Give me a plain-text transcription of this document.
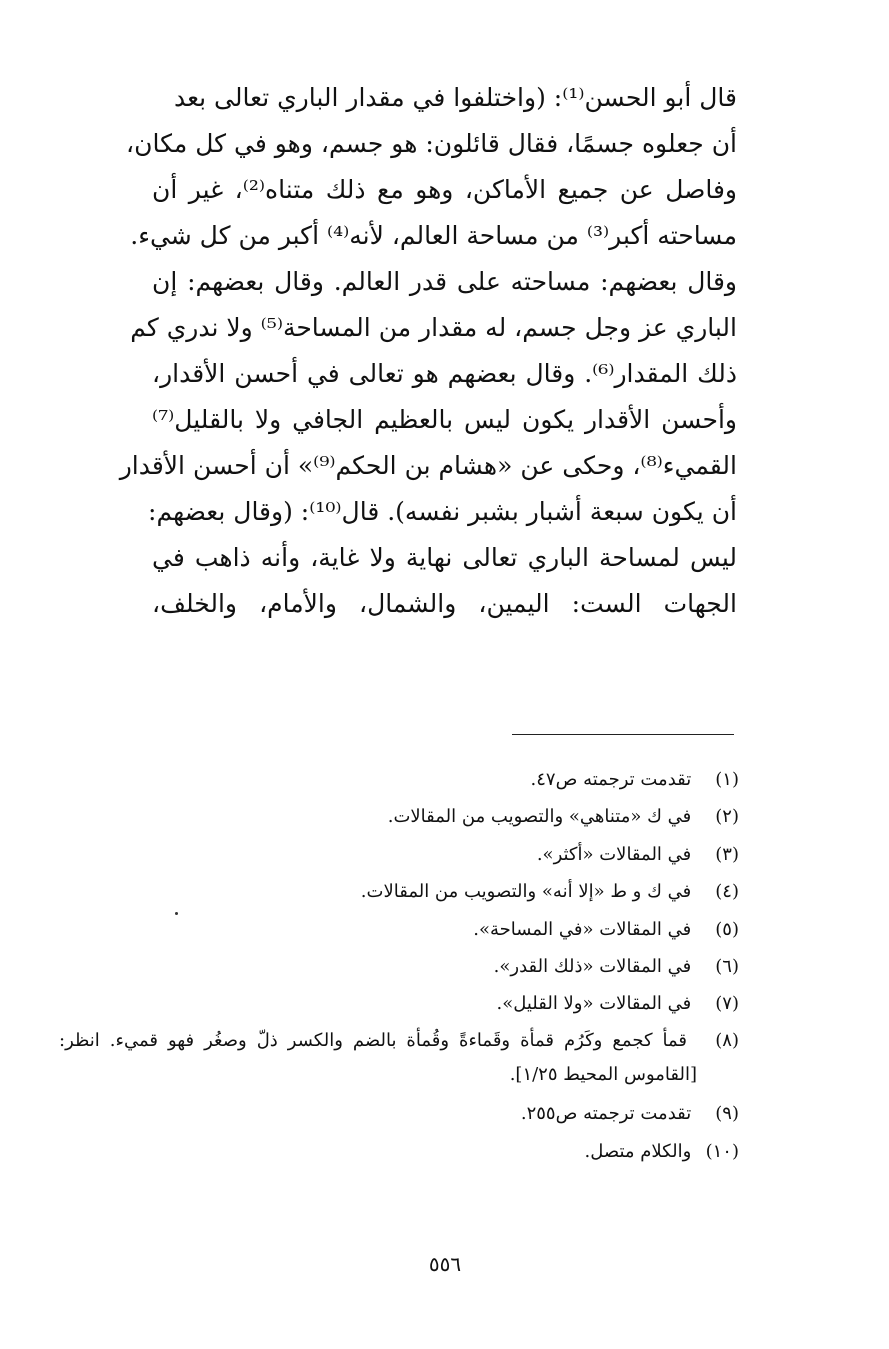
قال أبو الحسن⁽¹⁾: (واختلفوا في مقدار الباري تعالى بعد
أن جعلوه جسمًا، فقال قائلون: هو جسم، وهو في كل مكان،
وفاصل عن جميع الأماكن، وهو مع ذلك متناه⁽²⁾، غير أن
مساحته أكبر⁽³⁾ من مساحة العالم، لأنه⁽⁴⁾ أكبر من كل شيء.
وقال بعضهم: مساحته على قدر العالم. وقال بعضهم: إن
الباري عز وجل جسم، له مقدار من المساحة⁽⁵⁾ ولا ندري كم
ذلك المقدار⁽⁶⁾. وقال بعضهم هو تعالى في أحسن الأقدار،
وأحسن الأقدار يكون ليس بالعظيم الجافي ولا بالقليل⁽⁷⁾
القميء⁽⁸⁾، وحكى عن «هشام بن الحكم⁽⁹⁾» أن أحسن الأقدار
أن يكون سبعة أشبار بشبر نفسه). قال⁽¹⁰⁾: (وقال بعضهم:
ليس لمساحة الباري تعالى نهاية ولا غاية، وأنه ذاهب في
الجهات الست: اليمين، والشمال، والأمام، والخلف،
(١) تقدمت ترجمته ص٤٧.
(٢) في ك «متناهي» والتصويب من المقالات.
(٣) في المقالات «أكثر».
(٤) في ك و ط «إلا أنه» والتصويب من المقالات.
(٥) في المقالات «في المساحة».
(٦) في المقالات «ذلك القدر».
(٧) في المقالات «ولا القليل».
(٨) قمأ كجمع وكَرُم قمأة وقَماءةً وقُمأة بالضم والكسر ذلّ وصغُر فهو قميء. انظر:
[القاموس المحيط ١/٢٥].
(٩) تقدمت ترجمته ص٢٥٥.
(١٠) والكلام متصل.
٥٥٦
